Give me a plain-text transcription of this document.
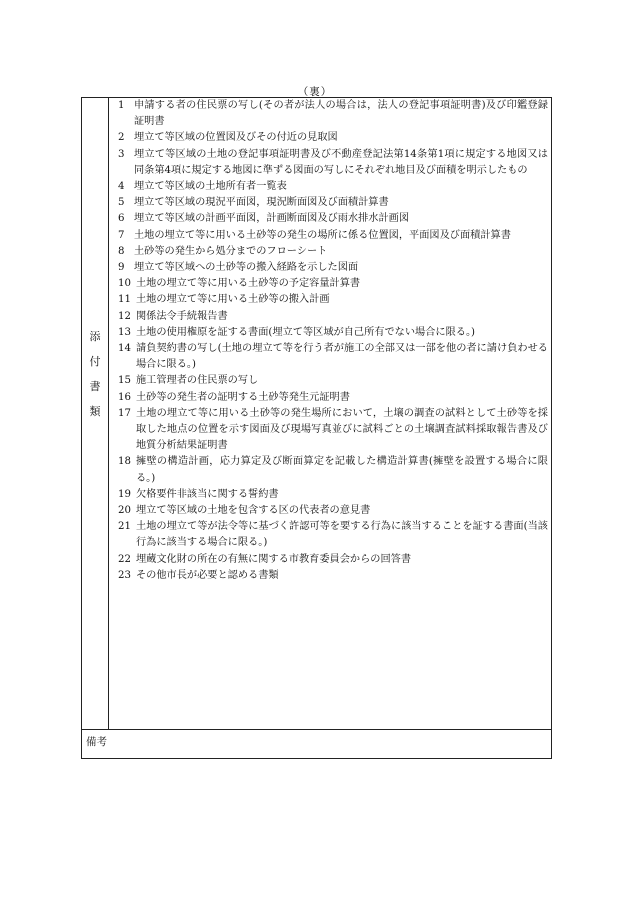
（裏）
添
付
書
類
1 申請する者の住民票の写し(その者が法人の場合は，法人の登記事項証明書)及び印鑑登録証明書
2 埋立て等区域の位置図及びその付近の見取図
3 埋立て等区域の土地の登記事項証明書及び不動産登記法第14条第1項に規定する地図又は同条第4項に規定する地図に準ずる図面の写しにそれぞれ地目及び面積を明示したもの
4 埋立て等区域の土地所有者一覧表
5 埋立て等区域の現況平面図，現況断面図及び面積計算書
6 埋立て等区域の計画平面図，計画断面図及び雨水排水計画図
7 土地の埋立て等に用いる土砂等の発生の場所に係る位置図，平面図及び面積計算書
8 土砂等の発生から処分までのフローシート
9 埋立て等区域への土砂等の搬入経路を示した図面
10 土地の埋立て等に用いる土砂等の予定容量計算書
11 土地の埋立て等に用いる土砂等の搬入計画
12 関係法令手続報告書
13 土地の使用権原を証する書面(埋立て等区域が自己所有でない場合に限る。)
14 請負契約書の写し(土地の埋立て等を行う者が施工の全部又は一部を他の者に請け負わせる場合に限る。)
15 施工管理者の住民票の写し
16 土砂等の発生者の証明する土砂等発生元証明書
17 土地の埋立て等に用いる土砂等の発生場所において，土壌の調査の試料として土砂等を採取した地点の位置を示す図面及び現場写真並びに試料ごとの土壌調査試料採取報告書及び地質分析結果証明書
18 擁壁の構造計画，応力算定及び断面算定を記載した構造計算書(擁壁を設置する場合に限る。)
19 欠格要件非該当に関する誓約書
20 埋立て等区域の土地を包含する区の代表者の意見書
21 土地の埋立て等が法令等に基づく許認可等を要する行為に該当することを証する書面(当該行為に該当する場合に限る。)
22 埋蔵文化財の所在の有無に関する市教育委員会からの回答書
23 その他市長が必要と認める書類
備考
